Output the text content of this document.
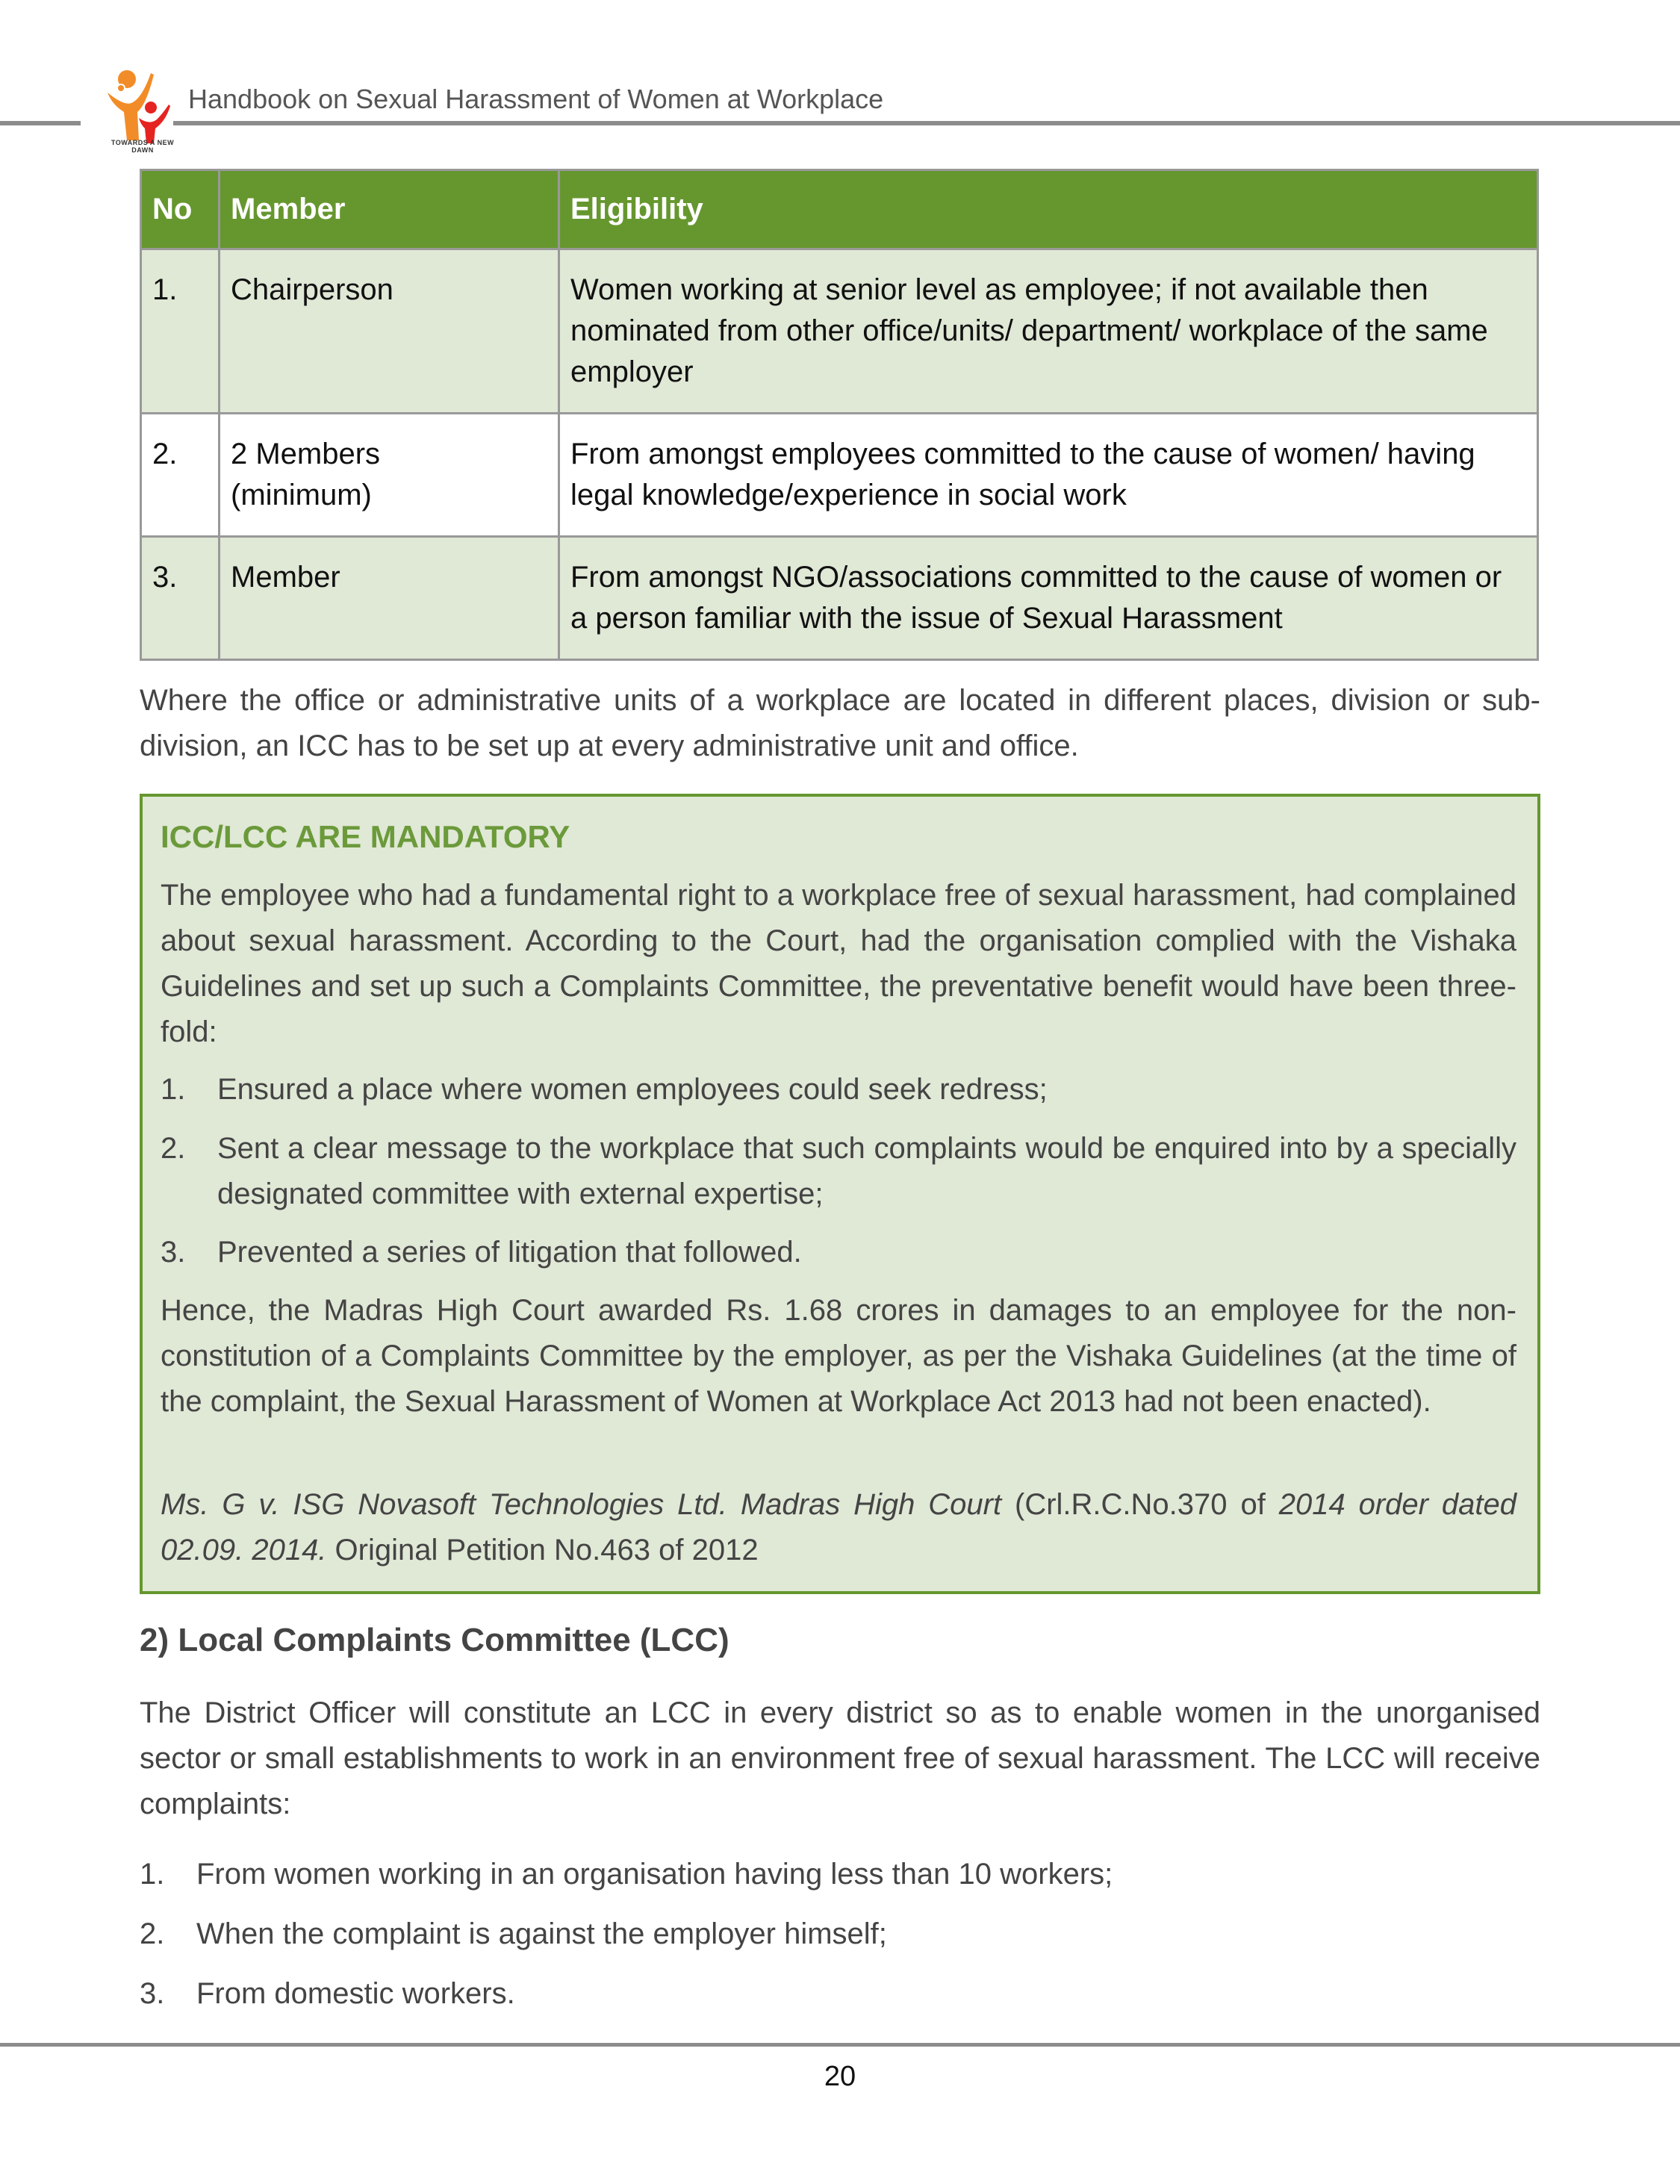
TOWARDS A NEW DAWN
Handbook on Sexual Harassment of Women at Workplace
No	Member	Eligibility
1.	Chairperson	Women working at senior level as employee; if not available then nominated from other office/units/ department/ workplace of the same employer
2.	2 Members (minimum)	From amongst employees committed to the cause of women/ having legal knowledge/experience in social work
3.	Member	From amongst NGO/associations committed to the cause of women or a person familiar with the issue of Sexual Harassment
Where the office or administrative units of a workplace are located in different places, division or sub-division, an ICC has to be set up at every administrative unit and office.
ICC/LCC ARE MANDATORY
The employee who had a fundamental right to a workplace free of sexual harassment, had complained about sexual harassment. According to the Court, had the organisation complied with the Vishaka Guidelines and set up such a Complaints Committee, the preventative benefit would have been three-fold:
1. Ensured a place where women employees could seek redress;
2. Sent a clear message to the workplace that such complaints would be enquired into by a specially designated committee with external expertise;
3. Prevented a series of litigation that followed.
Hence, the Madras High Court awarded Rs. 1.68 crores in damages to an employee for the non-constitution of a Complaints Committee by the employer, as per the Vishaka Guidelines (at the time of the complaint, the Sexual Harassment of Women at Workplace Act 2013 had not been enacted).
Ms. G v. ISG Novasoft Technologies Ltd. Madras High Court (Crl.R.C.No.370 of 2014 order dated 02.09. 2014. Original Petition No.463 of 2012
2) Local Complaints Committee (LCC)
The District Officer will constitute an LCC in every district so as to enable women in the unorganised sector or small establishments to work in an environment free of sexual harassment. The LCC will receive complaints:
1. From women working in an organisation having less than 10 workers;
2. When the complaint is against the employer himself;
3. From domestic workers.
20
